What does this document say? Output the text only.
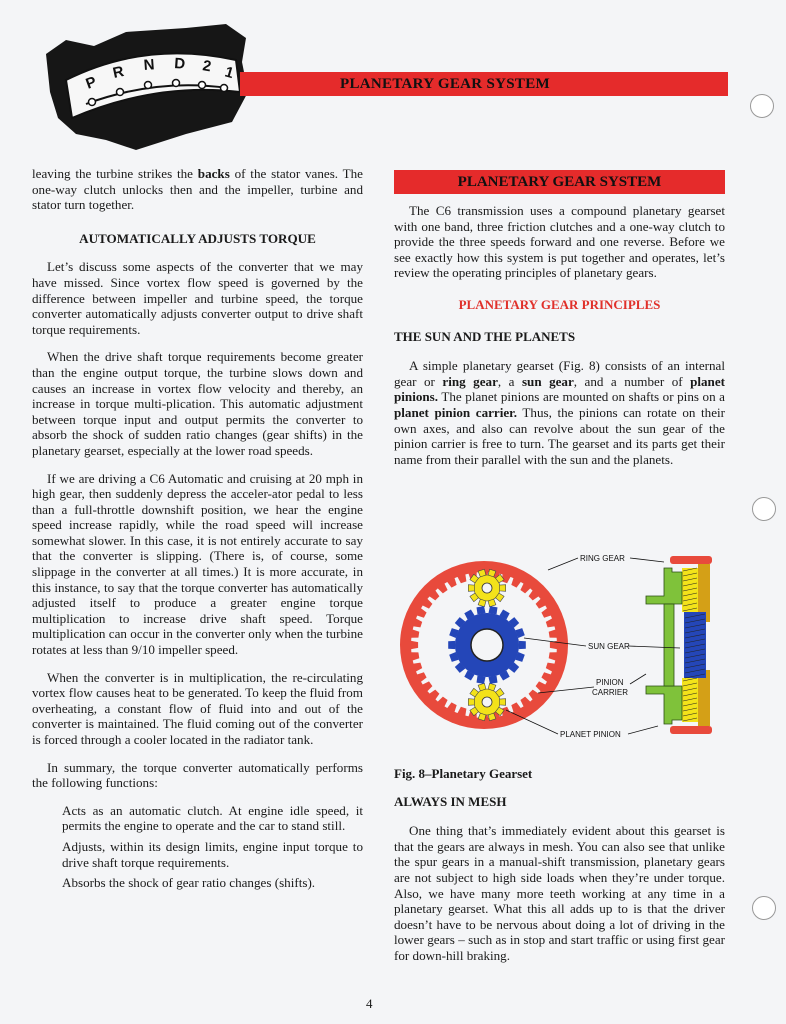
P
R N D 2 1
PLANETARY GEAR SYSTEM

leaving the turbine strikes the backs of the stator vanes. The one-way clutch unlocks then and the impeller, turbine and stator turn together.

AUTOMATICALLY ADJUSTS TORQUE

Let’s discuss some aspects of the converter that we may have missed. Since vortex flow speed is governed by the difference between impeller and turbine speed, the torque converter automatically adjusts converter output to drive shaft torque requirements.

When the drive shaft torque requirements become greater than the engine output torque, the turbine slows down and causes an increase in vortex flow velocity and thereby, an increase in torque multi-plication. This automatic adjustment between torque input and output permits the converter to absorb the shock of sudden ratio changes (gear shifts) in the planetary gearset, especially at the lower road speeds.

If we are driving a C6 Automatic and cruising at 20 mph in high gear, then suddenly depress the acceler-ator pedal to less than a full-throttle downshift position, we hear the engine speed increase rapidly, while the road speed will increase somewhat slower. In this case, it is not entirely accurate to say that the converter is slipping. (There is, of course, some slippage in the converter at all times.) It is more accurate, in this instance, to say that the torque converter has automatically adjusted itself to produce a greater engine torque multiplication to increase drive shaft speed. Torque multiplication can occur in the converter only when the turbine rotates at less than 9/10 impeller speed.

When the converter is in multiplication, the re-circulating vortex flow causes heat to be generated. To keep the fluid from overheating, a constant flow of fluid into and out of the converter is maintained. The fluid coming out of the converter is forced through a cooler located in the radiator tank.

In summary, the torque converter automatically performs the following functions:

Acts as an automatic clutch. At engine idle speed, it permits the engine to operate and the car to stand still.

Adjusts, within its design limits, engine input torque to drive shaft torque requirements.

Absorbs the shock of gear ratio changes (shifts).

PLANETARY GEAR SYSTEM

The C6 transmission uses a compound planetary gearset with one band, three friction clutches and a one-way clutch to provide the three speeds forward and one reverse. Before we see exactly how this system is put together and operates, let’s review the operating principles of planetary gears.

PLANETARY GEAR PRINCIPLES

THE SUN AND THE PLANETS

A simple planetary gearset (Fig. 8) consists of an internal gear or ring gear, a sun gear, and a number of planet pinions. The planet pinions are mounted on shafts or pins on a planet pinion carrier. Thus, the pinions can rotate on their own axes, and also can revolve about the sun gear of the pinion carrier is free to turn. The gearset and its parts get their name from their parallel with the sun and the planets.

RING GEAR
SUN GEAR
PINION
CARRIER
PLANET PINION

Fig. 8–Planetary Gearset

ALWAYS IN MESH

One thing that’s immediately evident about this gearset is that the gears are always in mesh. You can also see that unlike the spur gears in a manual-shift transmission, planetary gears are not subject to high side loads when they’re under torque. Also, we have many more teeth working at any time in a planetary gearset. What this all adds up to is that the driver doesn’t have to be nervous about doing a lot of driving in the lower gears – such as in stop and start traffic or using first gear for down-hill braking.

4
